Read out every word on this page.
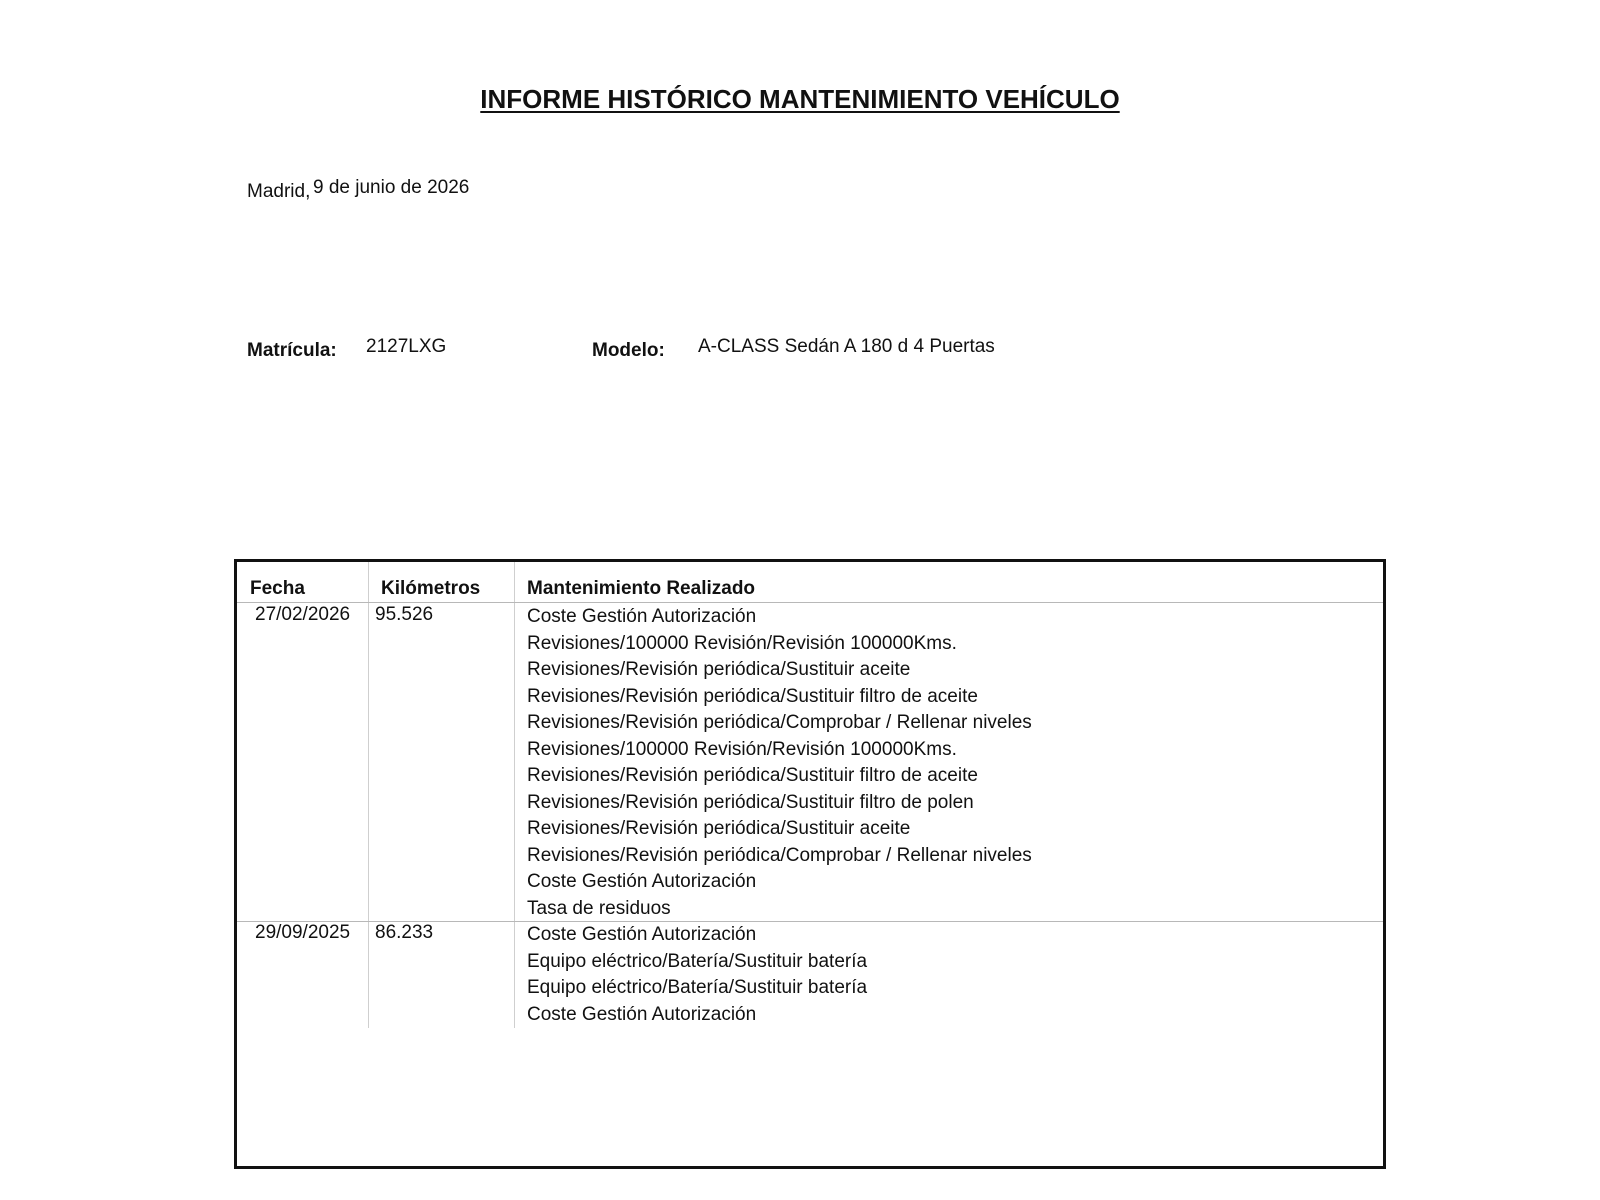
INFORME HISTÓRICO MANTENIMIENTO VEHÍCULO
Madrid, 9 de junio de 2026
Matrícula: 2127LXG	Modelo: A-CLASS Sedán A 180 d 4 Puertas
Fecha	Kilómetros Mantenimiento Realizado
27/02/2026 95.526	Coste Gestión Autorización
Revisiones/100000 Revisión/Revisión 100000Kms.
Revisiones/Revisión periódica/Sustituir aceite
Revisiones/Revisión periódica/Sustituir filtro de aceite
Revisiones/Revisión periódica/Comprobar / Rellenar niveles
Revisiones/100000 Revisión/Revisión 100000Kms.
Revisiones/Revisión periódica/Sustituir filtro de aceite
Revisiones/Revisión periódica/Sustituir filtro de polen
Revisiones/Revisión periódica/Sustituir aceite
Revisiones/Revisión periódica/Comprobar / Rellenar niveles
Coste Gestión Autorización
Tasa de residuos
29/09/2025 86.233	Coste Gestión Autorización
Equipo eléctrico/Batería/Sustituir batería
Equipo eléctrico/Batería/Sustituir batería
Coste Gestión Autorización
